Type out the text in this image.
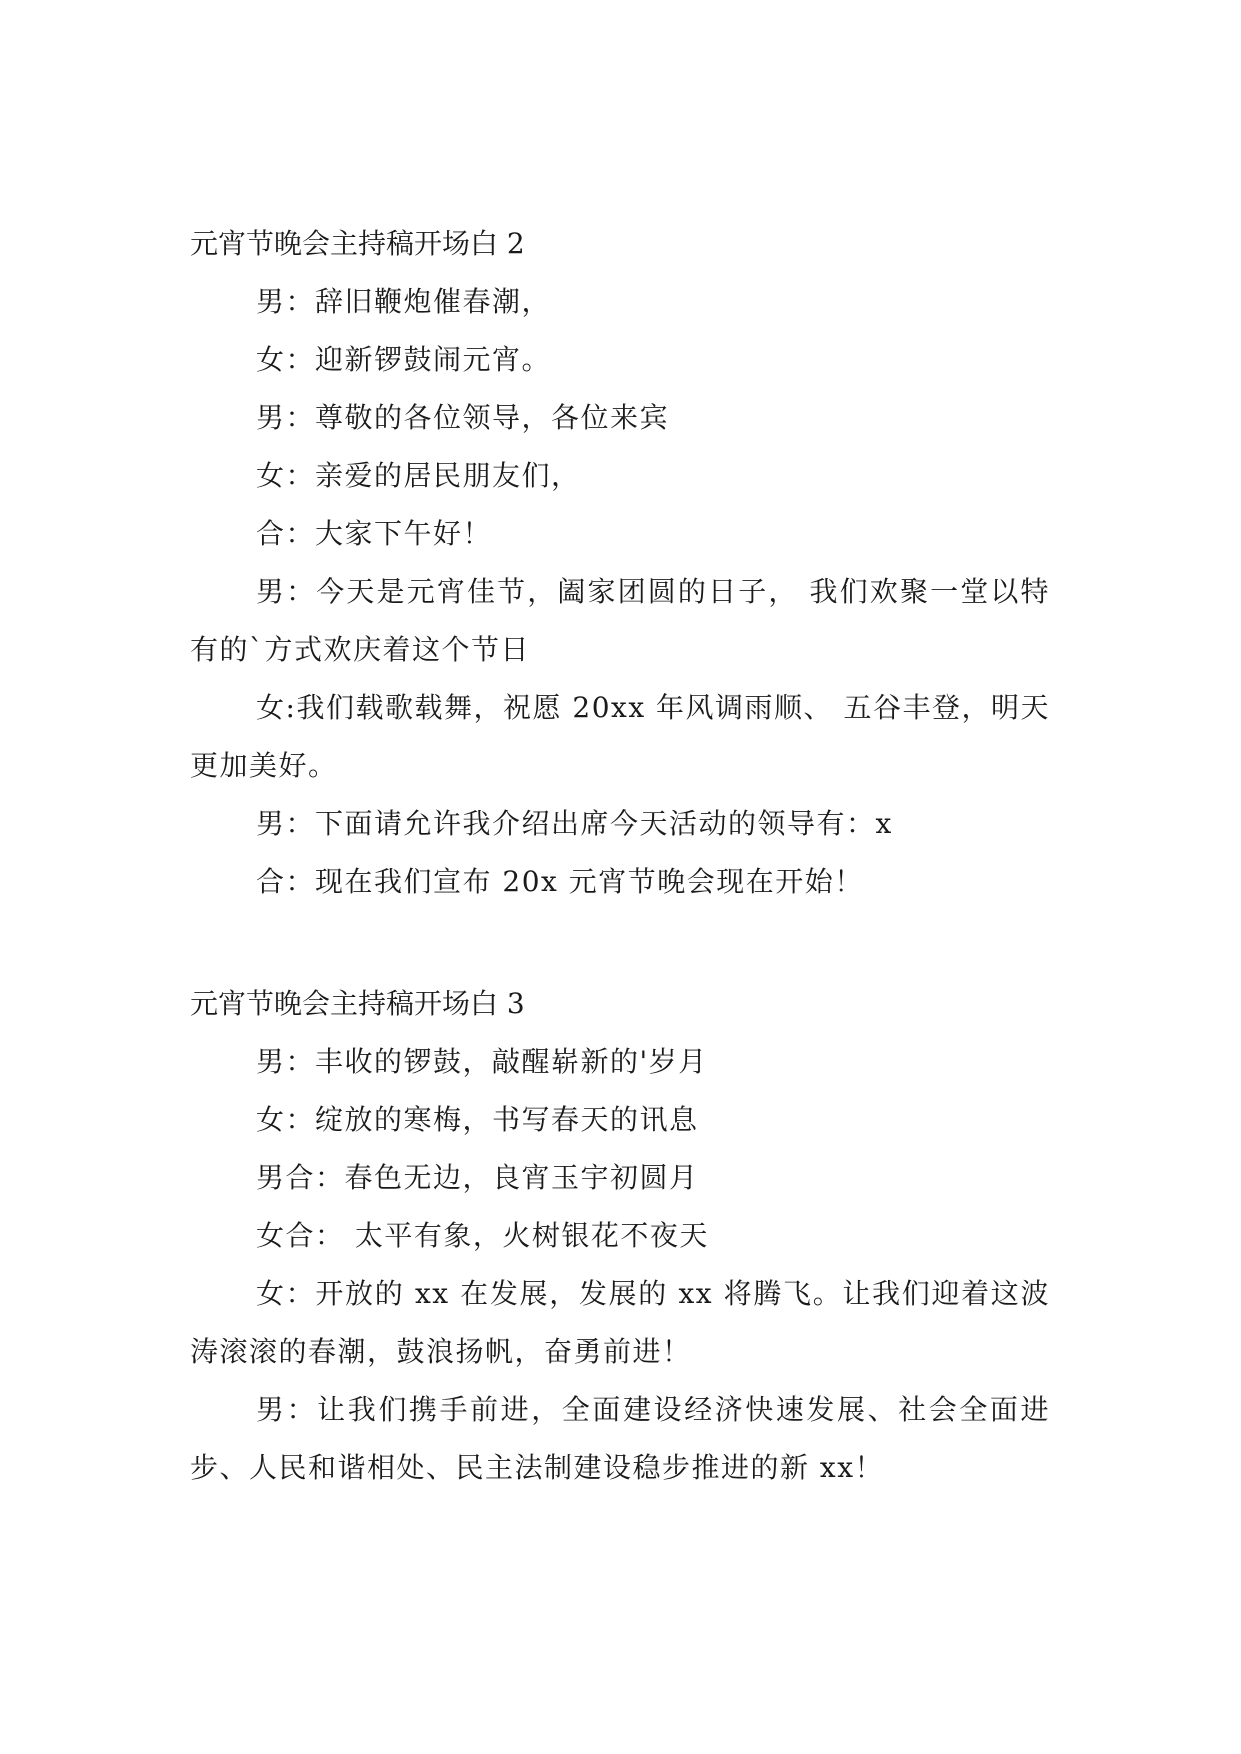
元宵节晚会主持稿开场白 2

男：辞旧鞭炮催春潮，

女：迎新锣鼓闹元宵。

男：尊敬的各位领导，各位来宾

女：亲爱的居民朋友们，

合：大家下午好！

男：今天是元宵佳节，阖家团圆的日子， 我们欢聚一堂以特有的`方式欢庆着这个节日

女:我们载歌载舞，祝愿 20xx 年风调雨顺、 五谷丰登，明天更加美好。

男：下面请允许我介绍出席今天活动的领导有：x

合：现在我们宣布 20x 元宵节晚会现在开始！

元宵节晚会主持稿开场白 3

男：丰收的锣鼓，敲醒崭新的'岁月

女：绽放的寒梅，书写春天的讯息

男合：春色无边，良宵玉宇初圆月

女合： 太平有象，火树银花不夜天

女：开放的 xx 在发展，发展的 xx 将腾飞。让我们迎着这波涛滚滚的春潮，鼓浪扬帆，奋勇前进！

男：让我们携手前进，全面建设经济快速发展、社会全面进步、人民和谐相处、民主法制建设稳步推进的新 xx！
